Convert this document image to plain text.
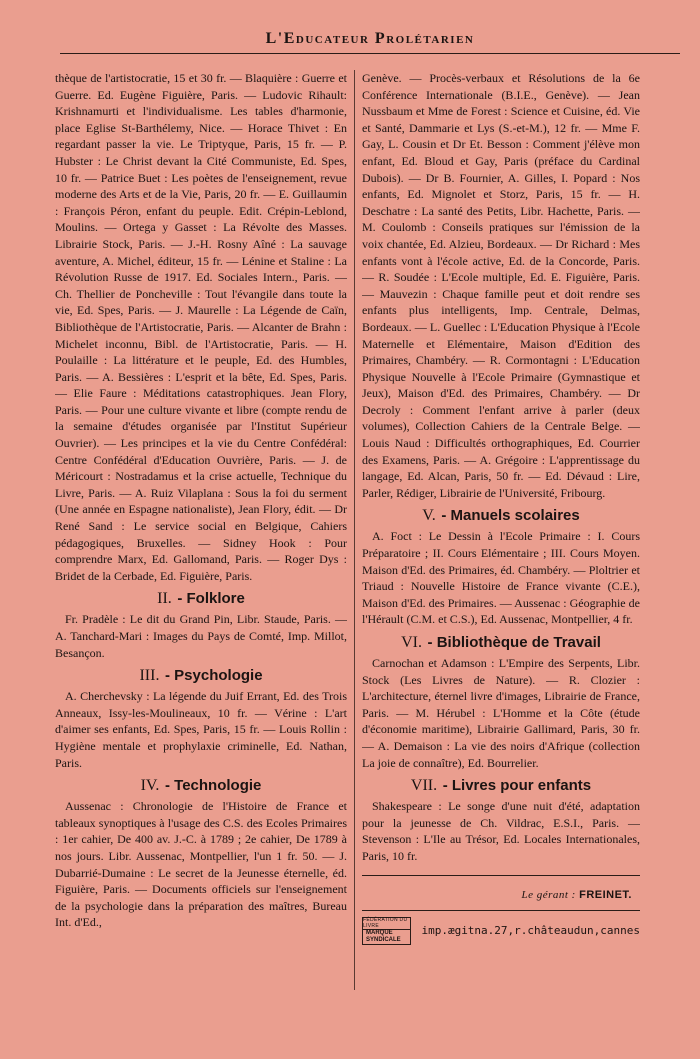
L'Educateur Prolétarien

thèque de l'artistocratie, 15 et 30 fr. — Blaquière : Guerre et Guerre. Ed. Eugène Figuière, Paris. — Ludovic Rihault: Krishnamurti et l'individualisme. Les tables d'harmonie, place Eglise St-Barthélemy, Nice. — Horace Thivet : En regardant passer la vie. Le Triptyque, Paris, 15 fr. — P. Hubster : Le Christ devant la Cité Communiste, Ed. Spes, 10 fr. — Patrice Buet : Les poètes de l'enseignement, revue moderne des Arts et de la Vie, Paris, 20 fr. — E. Guillaumin : François Péron, enfant du peuple. Edit. Crépin-Leblond, Moulins. — Ortega y Gasset : La Révolte des Masses. Librairie Stock, Paris. — J.-H. Rosny Aîné : La sauvage aventure, A. Michel, éditeur, 15 fr. — Lénine et Staline : La Révolution Russe de 1917. Ed. Sociales Intern., Paris. — Ch. Thellier de Poncheville : Tout l'évangile dans toute la vie, Ed. Spes, Paris. — J. Maurelle : La Légende de Caïn, Bibliothèque de l'Artistocratie, Paris. — Alcanter de Brahn : Michelet inconnu, Bibl. de l'Artistocratie, Paris. — H. Poulaille : La littérature et le peuple, Ed. des Humbles, Paris. — A. Bessières : L'esprit et la bête, Ed. Spes, Paris. — Elie Faure : Méditations catastrophiques. Jean Flory, Paris. — Pour une culture vivante et libre (compte rendu de la semaine d'études organisée par l'Institut Supérieur Ouvrier). — Les principes et la vie du Centre Confédéral: Centre Confédéral d'Education Ouvrière, Paris. — J. de Méricourt : Nostradamus et la crise actuelle, Technique du Livre, Paris. — A. Ruiz Vilaplana : Sous la foi du serment (Une année en Espagne nationaliste), Jean Flory, édit. — Dr René Sand : Le service social en Belgique, Cahiers pédagogiques, Bruxelles. — Sidney Hook : Pour comprendre Marx, Ed. Gallomand, Paris. — Roger Dys : Bridet de la Cerbade, Ed. Figuière, Paris.

II. - Folklore

Fr. Pradèle : Le dit du Grand Pin, Libr. Staude, Paris. — A. Tanchard-Mari : Images du Pays de Comté, Imp. Millot, Besançon.

III. - Psychologie

A. Cherchevsky : La légende du Juif Errant, Ed. des Trois Anneaux, Issy-les-Moulineaux, 10 fr. — Vérine : L'art d'aimer ses enfants, Ed. Spes, Paris, 15 fr. — Louis Rollin : Hygiène mentale et prophylaxie criminelle, Ed. Nathan, Paris.

IV. - Technologie

Aussenac : Chronologie de l'Histoire de France et tableaux synoptiques à l'usage des C.S. des Ecoles Primaires : 1er cahier, De 400 av. J.-C. à 1789 ; 2e cahier, De 1789 à nos jours. Libr. Aussenac, Montpellier, l'un 1 fr. 50. — J. Dubarrié-Dumaine : Le secret de la Jeunesse éternelle, éd. Figuière, Paris. — Documents officiels sur l'enseignement de la psychologie dans la préparation des maîtres, Bureau Int. d'Ed.,

Genève. — Procès-verbaux et Résolutions de la 6e Conférence Internationale (B.I.E., Genève). — Jean Nussbaum et Mme de Forest : Science et Cuisine, éd. Vie et Santé, Dammarie et Lys (S.-et-M.), 12 fr. — Mme F. Gay, L. Cousin et Dr Et. Besson : Comment j'élève mon enfant, Ed. Bloud et Gay, Paris (préface du Cardinal Dubois). — Dr B. Fournier, A. Gilles, I. Popard : Nos enfants, Ed. Mignolet et Storz, Paris, 15 fr. — H. Deschatre : La santé des Petits, Libr. Hachette, Paris. — M. Coulomb : Conseils pratiques sur l'émission de la voix chantée, Ed. Alzieu, Bordeaux. — Dr Richard : Mes enfants vont à l'école active, Ed. de la Concorde, Paris. — R. Soudée : L'Ecole multiple, Ed. E. Figuière, Paris. — Mauvezin : Chaque famille peut et doit rendre ses enfants plus intelligents, Imp. Centrale, Delmas, Bordeaux. — L. Guellec : L'Education Physique à l'Ecole Maternelle et Elémentaire, Maison d'Edition des Primaires, Chambéry. — R. Cormontagni : L'Education Physique Nouvelle à l'Ecole Primaire (Gymnastique et Jeux), Maison d'Ed. des Primaires, Chambéry. — Dr Decroly : Comment l'enfant arrive à parler (deux volumes), Collection Cahiers de la Centrale Belge. — Louis Naud : Difficultés orthographiques, Ed. Courrier des Examens, Paris. — A. Grégoire : L'apprentissage du langage, Ed. Alcan, Paris, 50 fr. — Ed. Dévaud : Lire, Parler, Rédiger, Librairie de l'Université, Fribourg.

V. - Manuels scolaires

A. Foct : Le Dessin à l'Ecole Primaire : I. Cours Préparatoire ; II. Cours Elémentaire ; III. Cours Moyen. Maison d'Ed. des Primaires, éd. Chambéry. — Ploltrier et Triaud : Nouvelle Histoire de France vivante (C.E.), Maison d'Ed. des Primaires. — Aussenac : Géographie de l'Hérault (C.M. et C.S.), Ed. Aussenac, Montpellier, 4 fr.

VI. - Bibliothèque de Travail

Carnochan et Adamson : L'Empire des Serpents, Libr. Stock (Les Livres de Nature). — R. Clozier : L'architecture, éternel livre d'images, Librairie de France, Paris. — M. Hérubel : L'Homme et la Côte (étude d'économie maritime), Librairie Gallimard, Paris, 30 fr. — A. Demaison : La vie des noirs d'Afrique (collection La joie de connaître), Ed. Bourrelier.

VII. - Livres pour enfants

Shakespeare : Le songe d'une nuit d'été, adaptation pour la jeunesse de Ch. Vildrac, E.S.I., Paris. — Stevenson : L'Ile au Trésor, Ed. Locales Internationales, Paris, 10 fr.

Le gérant : FREINET.
FÉDÉRATION DU LIVRE
MARQUE SYNDICALE
imp.ægitna.27,r.châteaudun,cannes
